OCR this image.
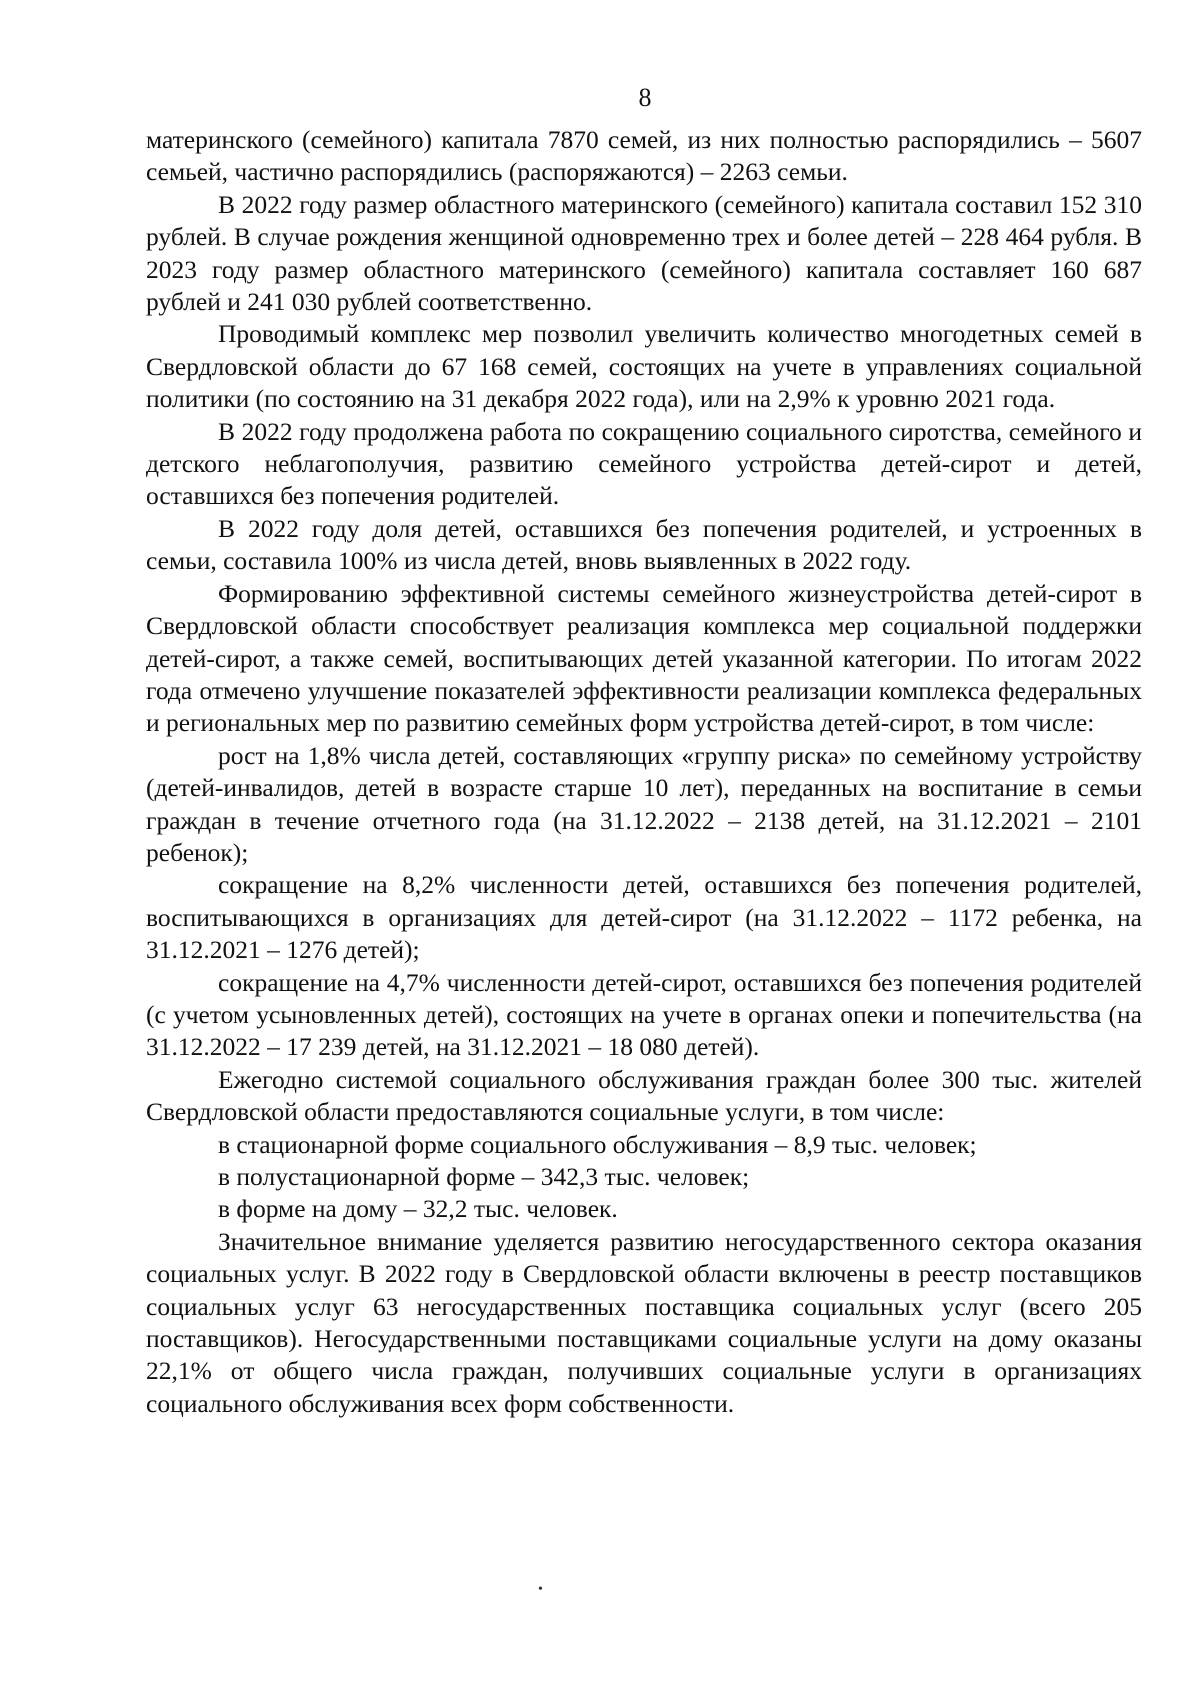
8

материнского (семейного) капитала 7870 семей, из них полностью распорядились – 5607 семьей, частично распорядились (распоряжаются) – 2263 семьи.

В 2022 году размер областного материнского (семейного) капитала составил 152 310 рублей. В случае рождения женщиной одновременно трех и более детей – 228 464 рубля. В 2023 году размер областного материнского (семейного) капитала составляет 160 687 рублей и 241 030 рублей соответственно.

Проводимый комплекс мер позволил увеличить количество многодетных семей в Свердловской области до 67 168 семей, состоящих на учете в управлениях социальной политики (по состоянию на 31 декабря 2022 года), или на 2,9% к уровню 2021 года.

В 2022 году продолжена работа по сокращению социального сиротства, семейного и детского неблагополучия, развитию семейного устройства детей-сирот и детей, оставшихся без попечения родителей.

В 2022 году доля детей, оставшихся без попечения родителей, и устроенных в семьи, составила 100% из числа детей, вновь выявленных в 2022 году.

Формированию эффективной системы семейного жизнеустройства детей-сирот в Свердловской области способствует реализация комплекса мер социальной поддержки детей-сирот, а также семей, воспитывающих детей указанной категории. По итогам 2022 года отмечено улучшение показателей эффективности реализации комплекса федеральных и региональных мер по развитию семейных форм устройства детей-сирот, в том числе:

рост на 1,8% числа детей, составляющих «группу риска» по семейному устройству (детей-инвалидов, детей в возрасте старше 10 лет), переданных на воспитание в семьи граждан в течение отчетного года (на 31.12.2022 – 2138 детей, на 31.12.2021 – 2101 ребенок);

сокращение на 8,2% численности детей, оставшихся без попечения родителей, воспитывающихся в организациях для детей-сирот (на 31.12.2022 – 1172 ребенка, на 31.12.2021 – 1276 детей);

сокращение на 4,7% численности детей-сирот, оставшихся без попечения родителей (с учетом усыновленных детей), состоящих на учете в органах опеки и попечительства (на 31.12.2022 – 17 239 детей, на 31.12.2021 – 18 080 детей).

Ежегодно системой социального обслуживания граждан более 300 тыс. жителей Свердловской области предоставляются социальные услуги, в том числе:

в стационарной форме социального обслуживания – 8,9 тыс. человек;

в полустационарной форме – 342,3 тыс. человек;

в форме на дому – 32,2 тыс. человек.

Значительное внимание уделяется развитию негосударственного сектора оказания социальных услуг. В 2022 году в Свердловской области включены в реестр поставщиков социальных услуг 63 негосударственных поставщика социальных услуг (всего 205 поставщиков). Негосударственными поставщиками социальные услуги на дому оказаны 22,1% от общего числа граждан, получивших социальные услуги в организациях социального обслуживания всех форм собственности.

•
